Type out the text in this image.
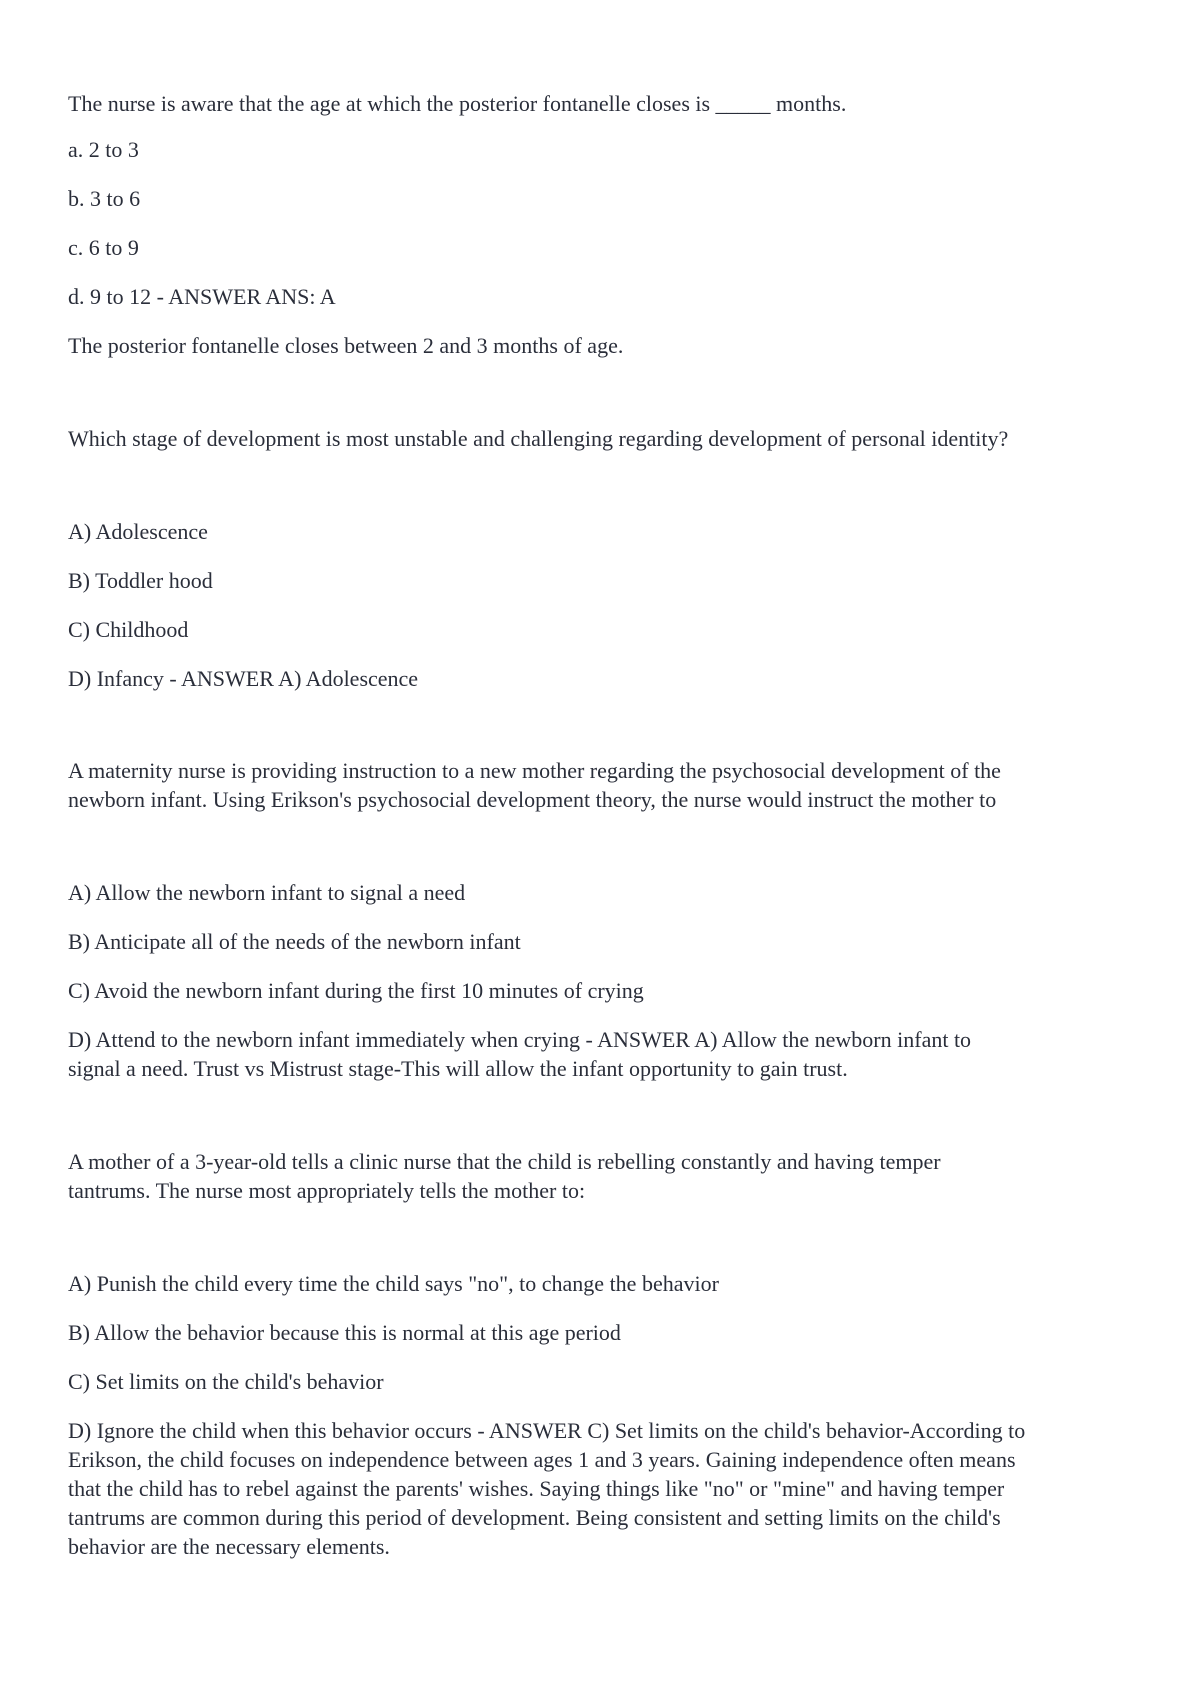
The nurse is aware that the age at which the posterior fontanelle closes is _____ months.

a. 2 to 3

b. 3 to 6

c. 6 to 9

d. 9 to 12 - ANSWER ANS: A

The posterior fontanelle closes between 2 and 3 months of age.

Which stage of development is most unstable and challenging regarding development of personal identity?

A) Adolescence

B) Toddler hood

C) Childhood

D) Infancy - ANSWER A) Adolescence

A maternity nurse is providing instruction to a new mother regarding the psychosocial development of the

newborn infant. Using Erikson's psychosocial development theory, the nurse would instruct the mother to

A) Allow the newborn infant to signal a need

B) Anticipate all of the needs of the newborn infant

C) Avoid the newborn infant during the first 10 minutes of crying

D) Attend to the newborn infant immediately when crying - ANSWER A) Allow the newborn infant to

signal a need. Trust vs Mistrust stage-This will allow the infant opportunity to gain trust.

A mother of a 3-year-old tells a clinic nurse that the child is rebelling constantly and having temper

tantrums. The nurse most appropriately tells the mother to:

A) Punish the child every time the child says "no", to change the behavior

B) Allow the behavior because this is normal at this age period

C) Set limits on the child's behavior

D) Ignore the child when this behavior occurs - ANSWER C) Set limits on the child's behavior-According to

Erikson, the child focuses on independence between ages 1 and 3 years. Gaining independence often means

that the child has to rebel against the parents' wishes. Saying things like "no" or "mine" and having temper

tantrums are common during this period of development. Being consistent and setting limits on the child's

behavior are the necessary elements.
